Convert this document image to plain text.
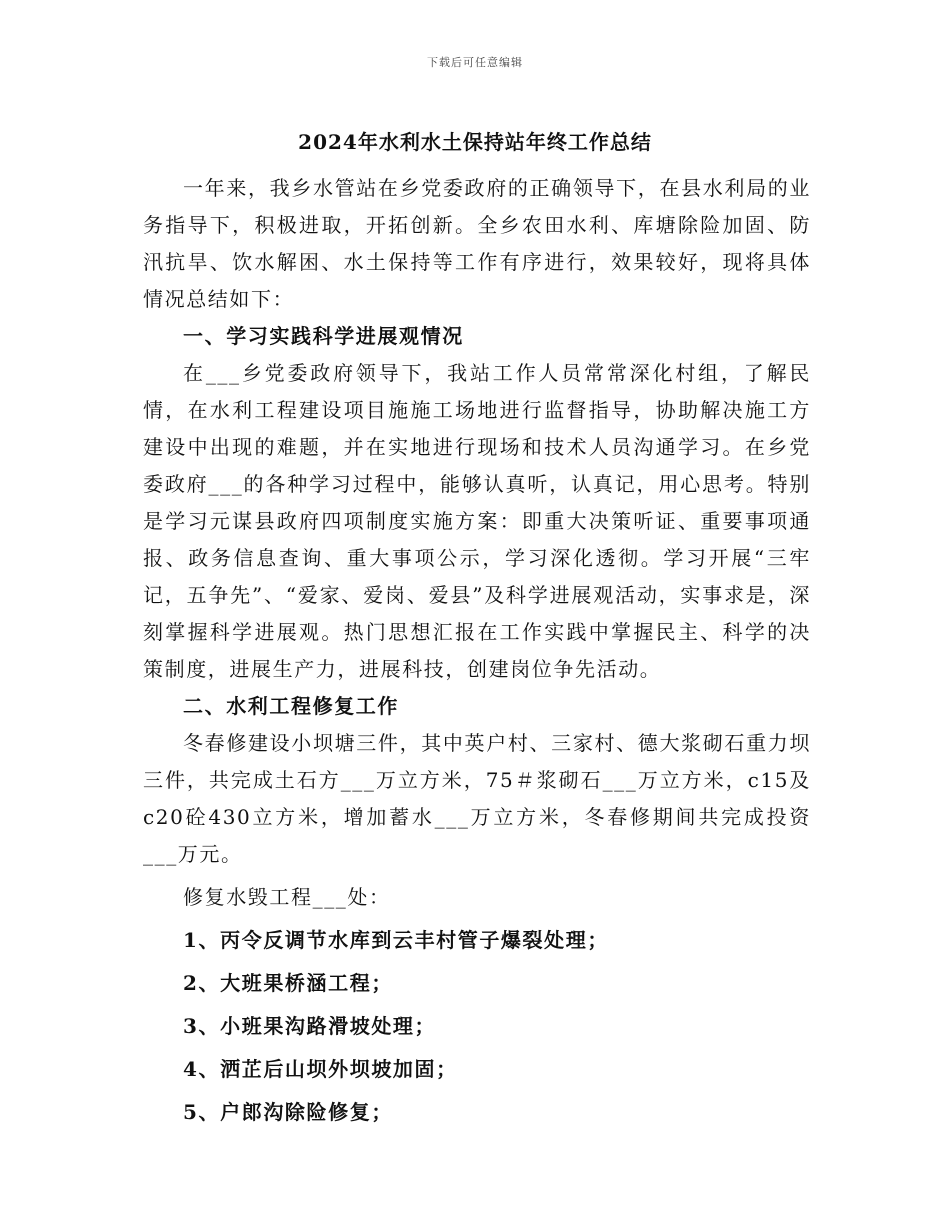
下载后可任意编辑
2024年水利水土保持站年终工作总结

一年来，我乡水管站在乡党委政府的正确领导下，在县水利局的业务指导下，积极进取，开拓创新。全乡农田水利、库塘除险加固、防汛抗旱、饮水解困、水土保持等工作有序进行，效果较好，现将具体情况总结如下：

一、学习实践科学进展观情况

在___乡党委政府领导下，我站工作人员常常深化村组，了解民情，在水利工程建设项目施施工场地进行监督指导，协助解决施工方建设中出现的难题，并在实地进行现场和技术人员沟通学习。在乡党委政府___的各种学习过程中，能够认真听，认真记，用心思考。特别是学习元谋县政府四项制度实施方案：即重大决策听证、重要事项通报、政务信息查询、重大事项公示，学习深化透彻。学习开展“三牢记，五争先”、“爱家、爱岗、爱县”及科学进展观活动，实事求是，深刻掌握科学进展观。热门思想汇报在工作实践中掌握民主、科学的决策制度，进展生产力，进展科技，创建岗位争先活动。

二、水利工程修复工作

冬春修建设小坝塘三件，其中英户村、三家村、德大浆砌石重力坝三件，共完成土石方___万立方米，75＃浆砌石___万立方米，c15及c20砼430立方米，增加蓄水___万立方米，冬春修期间共完成投资___万元。

修复水毁工程___处：

1、丙令反调节水库到云丰村管子爆裂处理；

2、大班果桥涵工程；

3、小班果沟路滑坡处理；

4、洒芷后山坝外坝坡加固；

5、户郎沟除险修复；
